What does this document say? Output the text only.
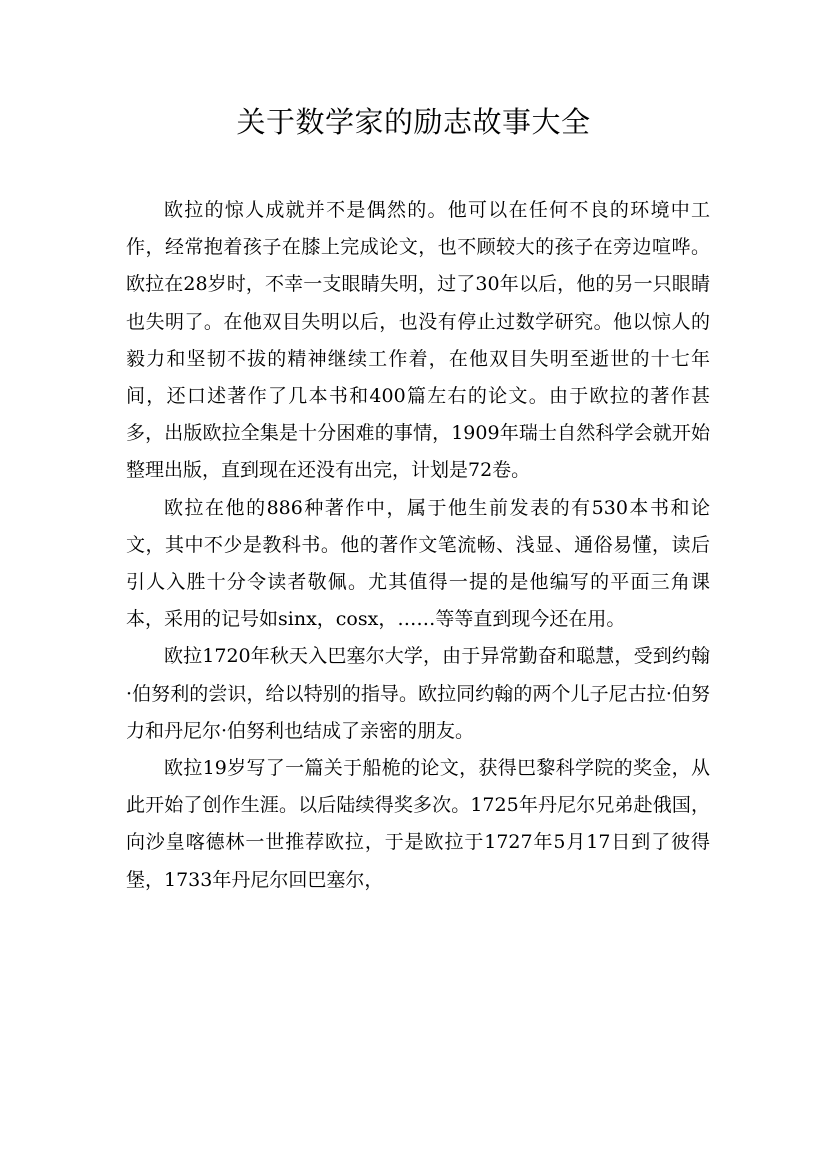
关于数学家的励志故事大全

欧拉的惊人成就并不是偶然的。他可以在任何不良的环境中工作，经常抱着孩子在膝上完成论文，也不顾较大的孩子在旁边喧哗。欧拉在28岁时，不幸一支眼睛失明，过了30年以后，他的另一只眼睛也失明了。在他双目失明以后，也没有停止过数学研究。他以惊人的毅力和坚韧不拔的精神继续工作着，在他双目失明至逝世的十七年间，还口述著作了几本书和400篇左右的论文。由于欧拉的著作甚多，出版欧拉全集是十分困难的事情，1909年瑞士自然科学会就开始整理出版，直到现在还没有出完，计划是72卷。

欧拉在他的886种著作中，属于他生前发表的有530本书和论文，其中不少是教科书。他的著作文笔流畅、浅显、通俗易懂，读后引人入胜十分令读者敬佩。尤其值得一提的是他编写的平面三角课本，采用的记号如sinx，cosx，……等等直到现今还在用。

欧拉1720年秋天入巴塞尔大学，由于异常勤奋和聪慧，受到约翰·伯努利的尝识，给以特别的指导。欧拉同约翰的两个儿子尼古拉·伯努力和丹尼尔·伯努利也结成了亲密的朋友。

欧拉19岁写了一篇关于船桅的论文，获得巴黎科学院的奖金，从此开始了创作生涯。以后陆续得奖多次。1725年丹尼尔兄弟赴俄国，向沙皇喀德林一世推荐欧拉，于是欧拉于1727年5月17日到了彼得堡，1733年丹尼尔回巴塞尔，
